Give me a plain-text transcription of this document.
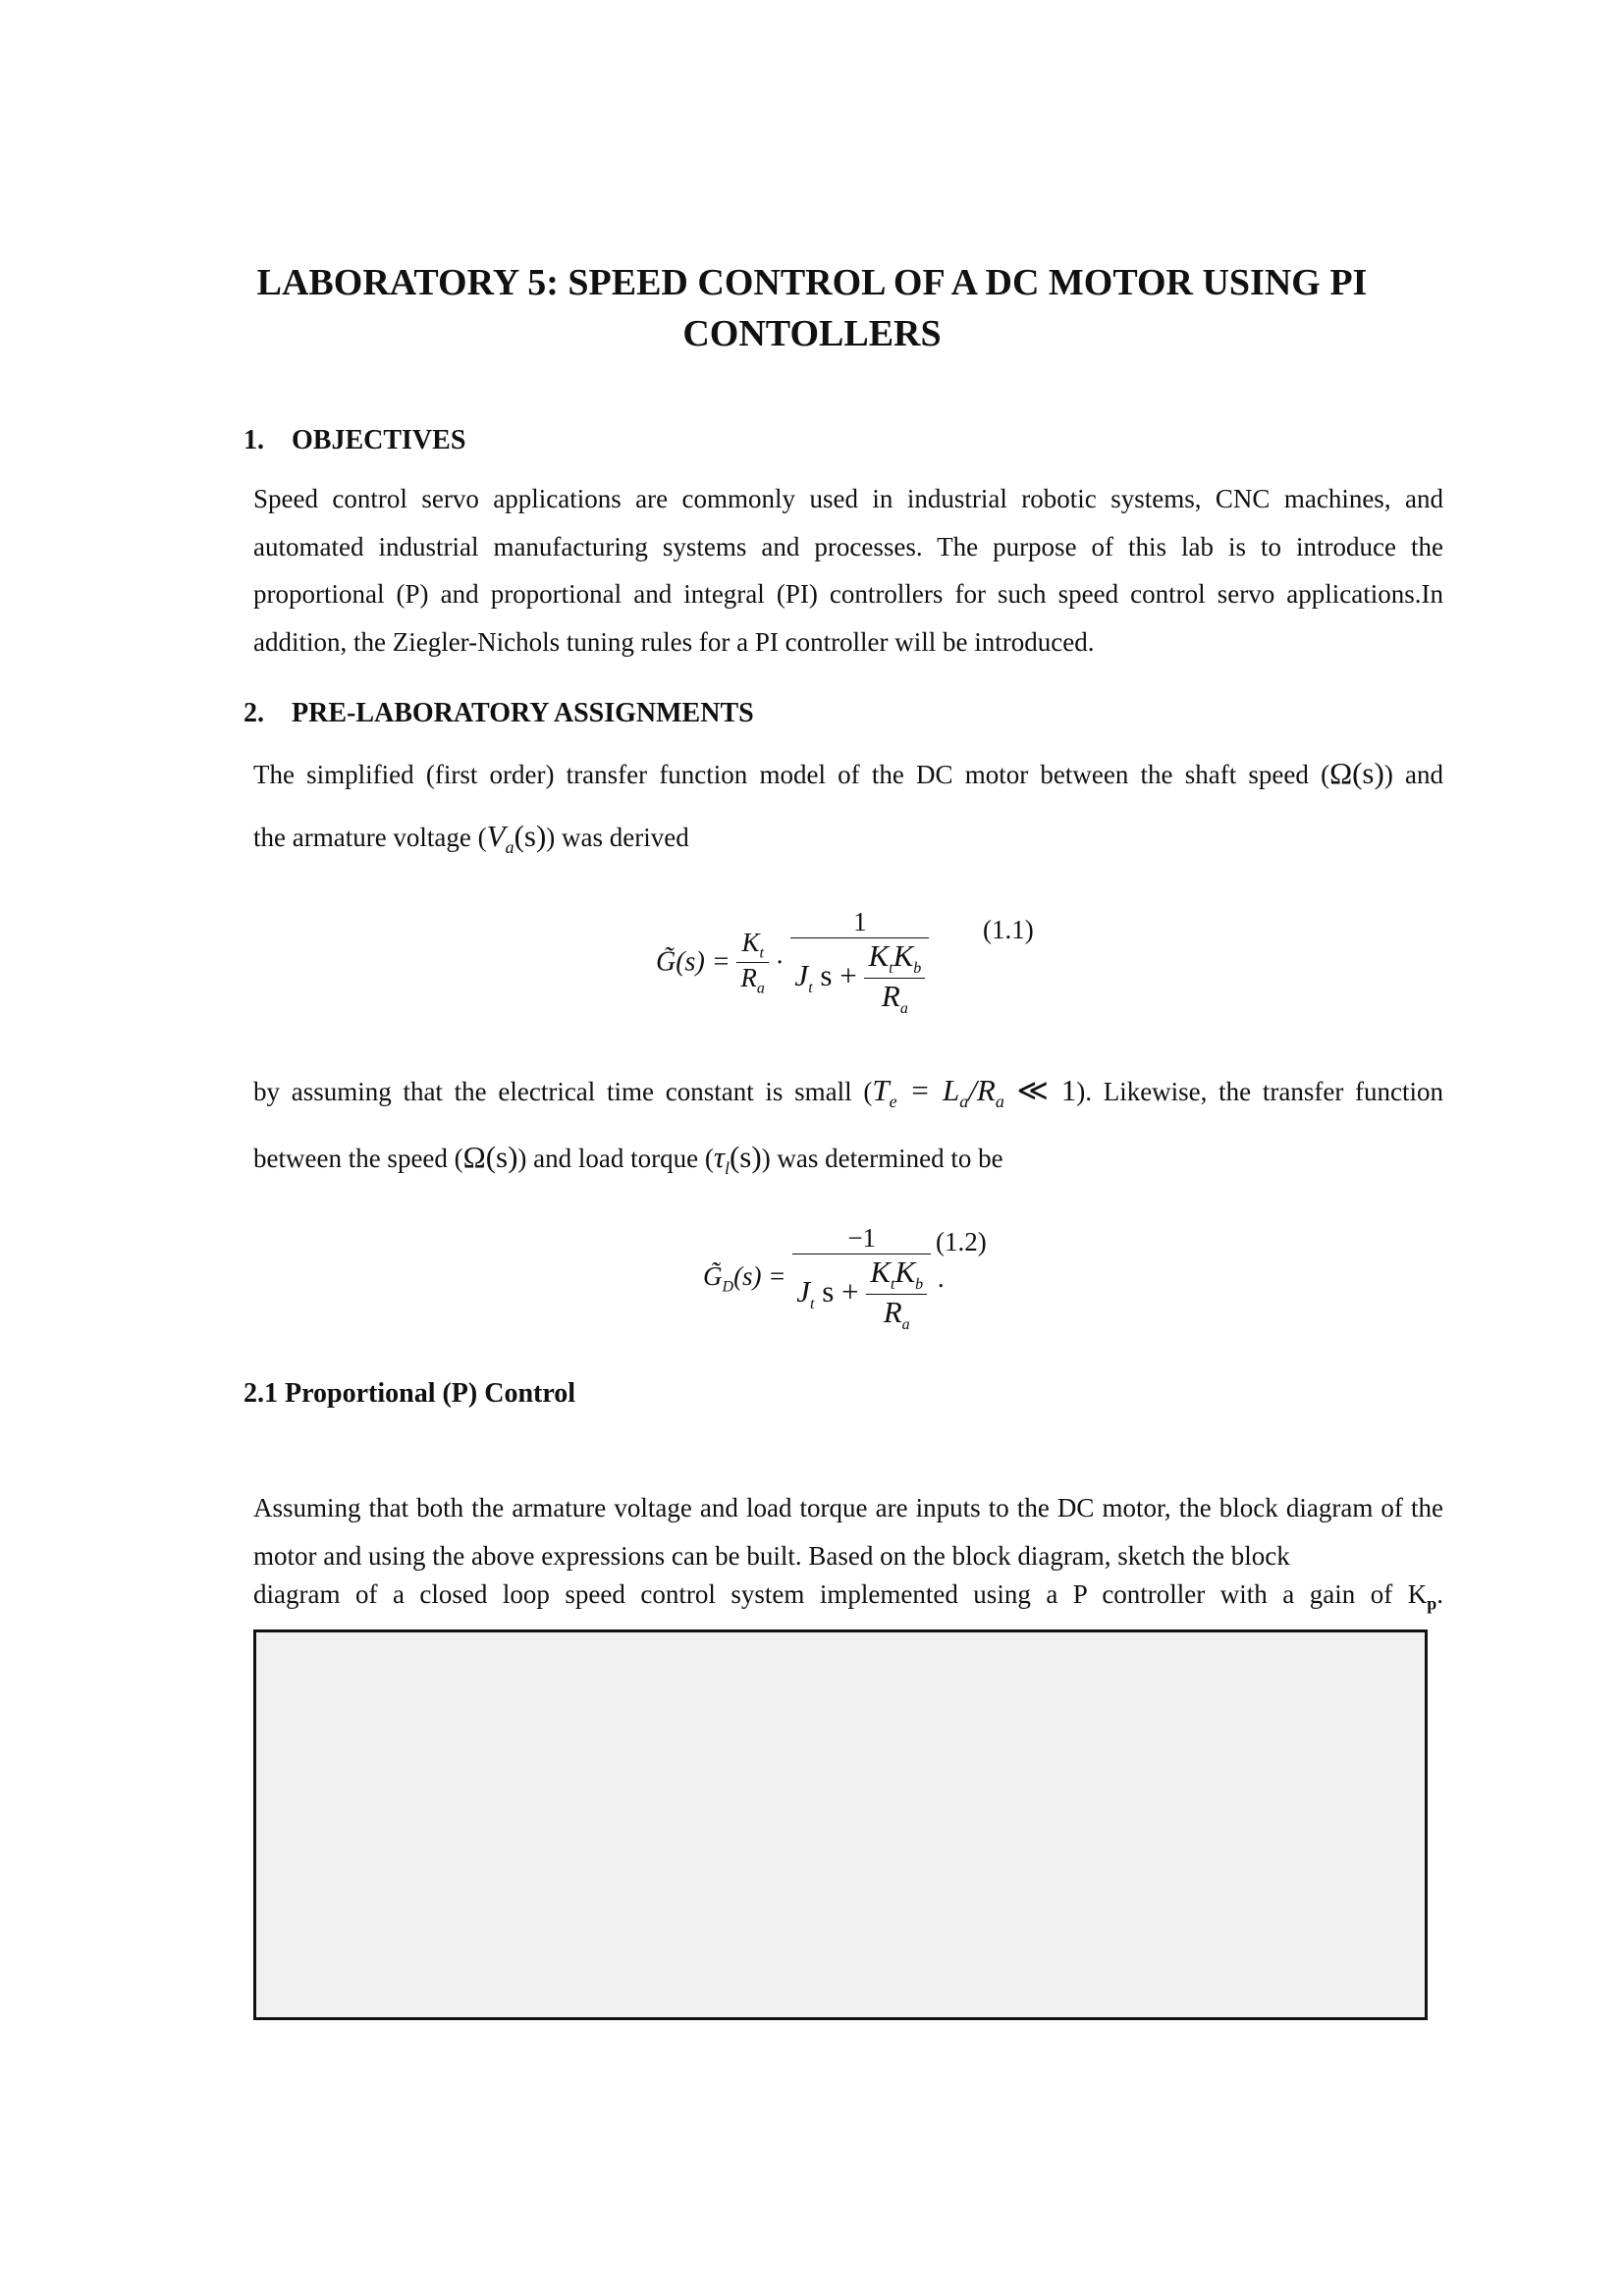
LABORATORY 5: SPEED CONTROL OF A DC MOTOR USING PI
CONTOLLERS
1. OBJECTIVES
Speed control servo applications are commonly used in industrial robotic systems, CNC machines, and automated industrial manufacturing systems and processes. The purpose of this lab is to introduce the proportional (P) and proportional and integral (PI) controllers for such speed control servo applications.In addition, the Ziegler-Nichols tuning rules for a PI controller will be introduced.
2. PRE-LABORATORY ASSIGNMENTS
The simplified (first order) transfer function model of the DC motor between the shaft speed (Ω(s)) and
the armature voltage $(V_a(s))$ was derived
G̃(s) = $\frac{K_t}{R_a} \cdot \frac{1}{J_t s + \frac{K_tK_b}{R_a}} (1.1)$
by assuming that the electrical time constant is small ($T_e = L_a/R_a$ ≪ 1). Likewise, the transfer function
between the speed (Ω(s)) and load torque $(\tau_l(s))$ was determined to be
$G̃_D(s) = \frac{-1}{J_t s + \frac{K_tK_b}{R_a}}$ .
(1.2)
2.1 Proportional (P) Control
Assuming that both the armature voltage and load torque are inputs to the DC motor, the block diagram of the motor and using the above expressions can be built. Based on the block diagram, sketch the block
diagram of a closed loop speed control system implemented using a P controller with a gain of $K_p$.
